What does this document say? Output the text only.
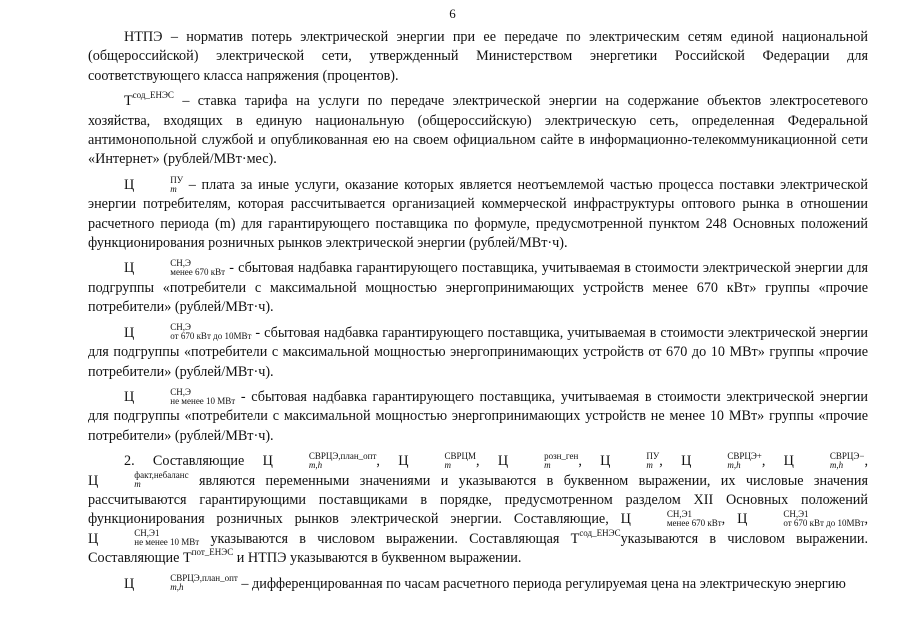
6

НТПЭ – норматив потерь электрической энергии при ее передаче по электрическим сетям единой национальной (общероссийской) электрической сети, утвержденный Министерством энергетики Российской Федерации для соответствующего класса напряжения (процентов).

$Т^{сод\_ЕНЭС}$ – ставка тарифа на услуги по передаче электрической энергии на содержание объектов электросетевого хозяйства, входящих в единую национальную (общероссийскую) электрическую сеть, определенная Федеральной антимонопольной службой и опубликованная ею на своем официальном сайте в информационно-телекоммуникационной сети «Интернет» (рублей/МВт·мес).

Ц	ПУ
m – плата за иные услуги, оказание которых является неотъемлемой частью процесса поставки электрической энергии потребителям, которая рассчитывается организацией коммерческой инфраструктуры оптового рынка в отношении расчетного периода (m) для гарантирующего поставщика по формуле, предусмотренной пунктом 248 Основных положений функционирования розничных рынков электрической энергии (рублей/МВт·ч).

Ц	СН,Э
менее 670 кВт - сбытовая надбавка гарантирующего поставщика, учитываемая в стоимости электрической энергии для подгруппы «потребители с максимальной мощностью энергопринимающих устройств менее 670 кВт» группы «прочие потребители» (рублей/МВт·ч).

Ц	СН,Э
от 670 кВт до 10МВт - сбытовая надбавка гарантирующего поставщика, учитываемая в стоимости электрической энергии для подгруппы «потребители с максимальной мощностью энергопринимающих устройств от 670 до 10 МВт» группы «прочие потребители» (рублей/МВт·ч).

Ц	СН,Э
не менее 10 МВт - сбытовая надбавка гарантирующего поставщика, учитываемая в стоимости электрической энергии для подгруппы «потребители с максимальной мощностью энергопринимающих устройств не менее 10 МВт» группы «прочие потребители» (рублей/МВт·ч).

2. Составляющие Ц	СВРЦЭ,план_опт
m,h	, Ц	СВРЦМ
m	, Ц	розн_ген
m	, Ц	ПУ
m , Ц	СВРЦЭ+
m,h	, Ц	СВРЦЭ−
m,h	, Ц	факт,небаланс
m	являются переменными значениями и указываются в буквенном выражении, их числовые значения рассчитываются гарантирующими поставщиками в порядке, предусмотренном разделом XII Основных положений функционирования розничных рынков электрической энергии. Составляющие, Ц	СН,Э1
менее 670 кВт , Ц	СН,Э1
от 670 кВт до 10МВт , Ц	СН,Э1
не менее 10 МВт указываются в числовом выражении. Составляющая $Т^{сод\_ЕНЭС}указываются$ в числовом выражении. Составляющие $Т^{пот\_ЕНЭС}$ и НТПЭ указываются в буквенном выражении.

Ц	СВРЦЭ,план_опт
m,h	– дифференцированная по часам расчетного периода регулируемая цена на электрическую энергию
